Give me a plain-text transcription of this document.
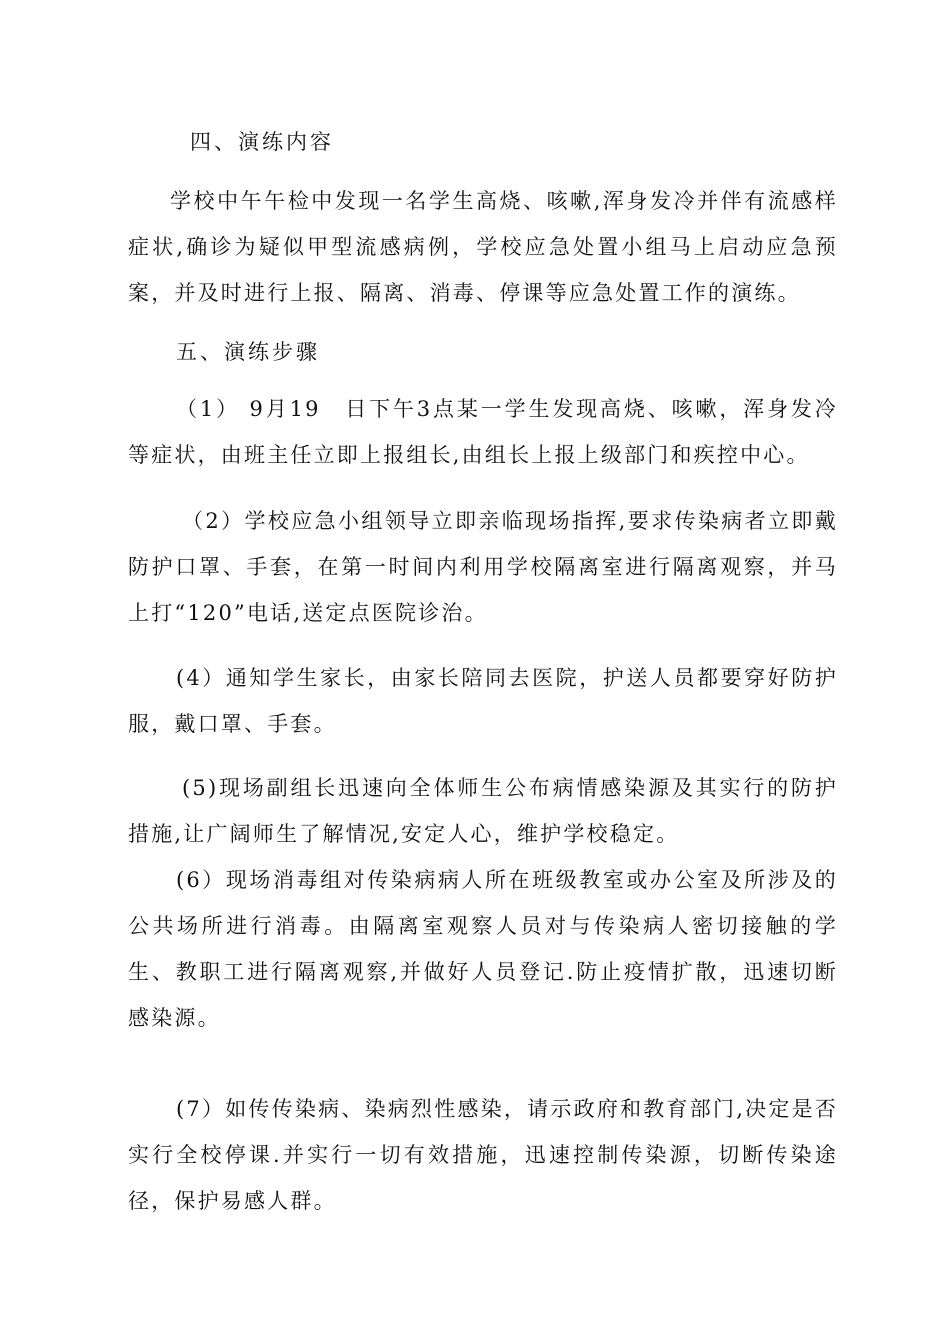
四、演练内容
学校中午午检中发现一名学生高烧、咳嗽,浑身发冷并伴有流感样症状,确诊为疑似甲型流感病例，学校应急处置小组马上启动应急预案，并及时进行上报、隔离、消毒、停课等应急处置工作的演练。
五、演练步骤
（1） 9月19　日下午3点某一学生发现高烧、咳嗽，浑身发冷等症状，由班主任立即上报组长,由组长上报上级部门和疾控中心。
（2）学校应急小组领导立即亲临现场指挥,要求传染病者立即戴防护口罩、手套，在第一时间内利用学校隔离室进行隔离观察，并马上打“120”电话,送定点医院诊治。
(4）通知学生家长，由家长陪同去医院，护送人员都要穿好防护服，戴口罩、手套。
(5)现场副组长迅速向全体师生公布病情感染源及其实行的防护措施,让广阔师生了解情况,安定人心，维护学校稳定。
(6）现场消毒组对传染病病人所在班级教室或办公室及所涉及的公共场所进行消毒。由隔离室观察人员对与传染病人密切接触的学生、教职工进行隔离观察,并做好人员登记.防止疫情扩散，迅速切断感染源。
(7）如传传染病、染病烈性感染，请示政府和教育部门,决定是否实行全校停课.并实行一切有效措施，迅速控制传染源，切断传染途径，保护易感人群。
